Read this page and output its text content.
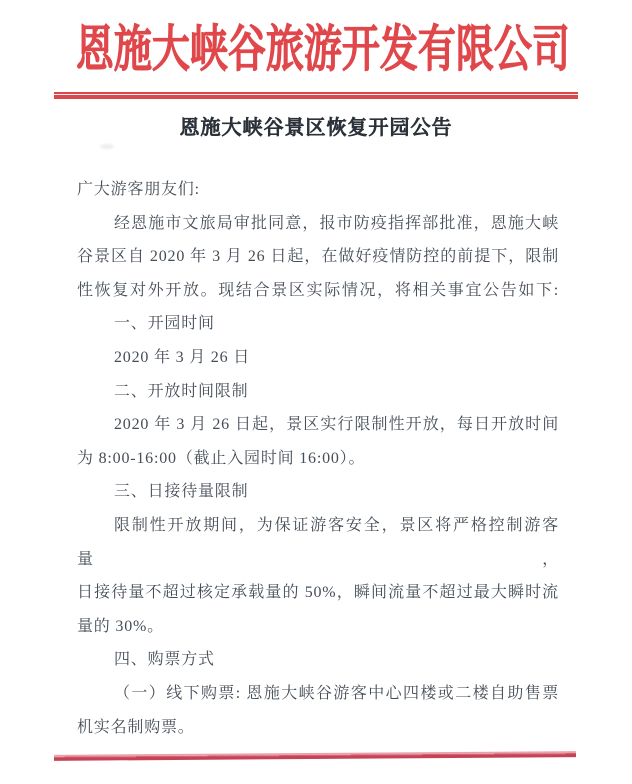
恩施大峡谷旅游开发有限公司
恩施大峡谷景区恢复开园公告
广大游客朋友们:
经恩施市文旅局审批同意，报市防疫指挥部批准，恩施大峡
谷景区自 2020 年 3 月 26 日起，在做好疫情防控的前提下，限制
性恢复对外开放。现结合景区实际情况，将相关事宜公告如下:
一、开园时间
2020 年 3 月 26 日
二、开放时间限制
2020 年 3 月 26 日起，景区实行限制性开放，每日开放时间
为 8:00-16:00（截止入园时间 16:00）。
三、日接待量限制
限制性开放期间，为保证游客安全，景区将严格控制游客量，
日接待量不超过核定承载量的 50%，瞬间流量不超过最大瞬时流
量的 30%。
四、购票方式
（一）线下购票: 恩施大峡谷游客中心四楼或二楼自助售票
机实名制购票。
